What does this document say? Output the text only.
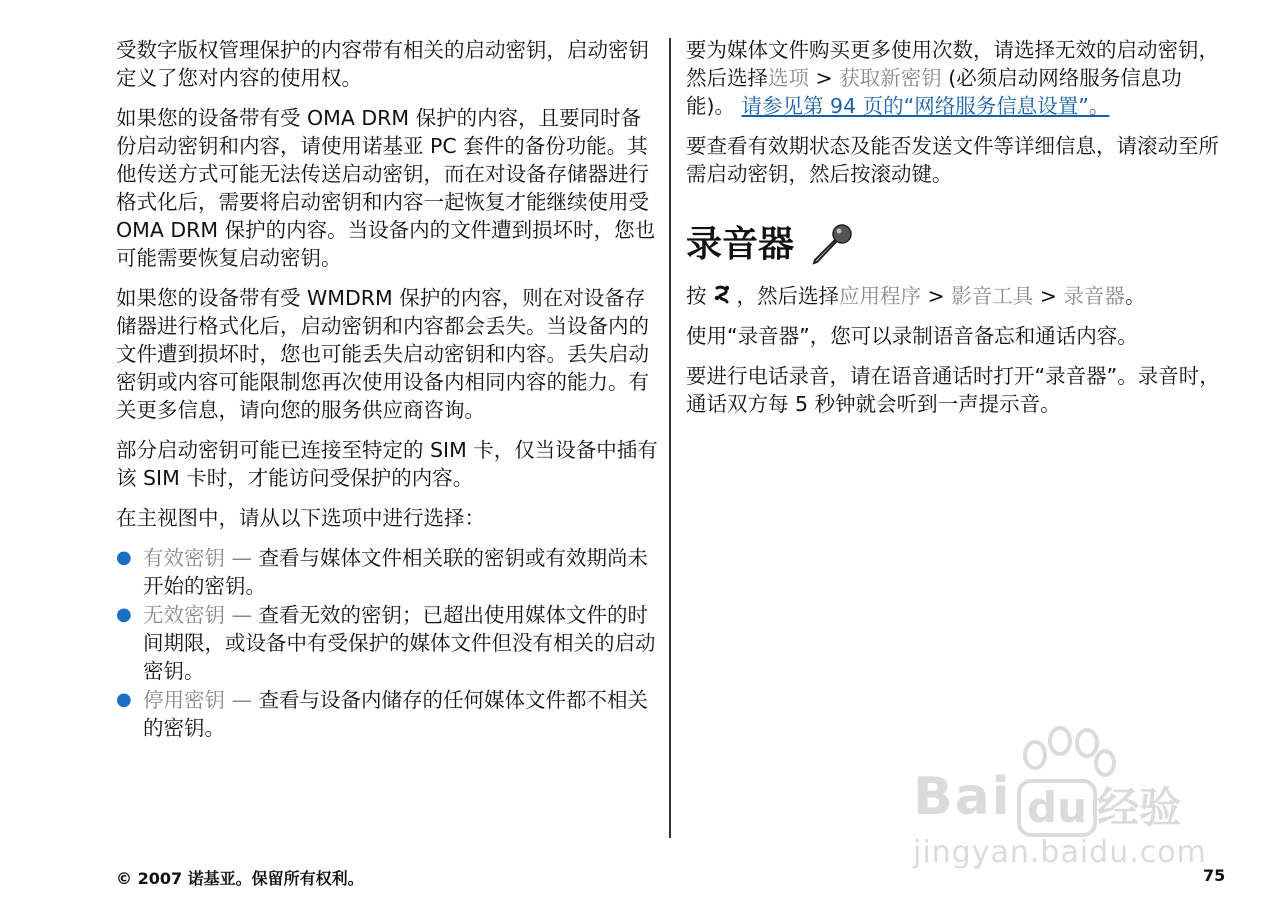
受数字版权管理保护的内容带有相关的启动密钥，启动密钥定义了您对内容的使用权。

如果您的设备带有受 OMA DRM 保护的内容，且要同时备份启动密钥和内容，请使用诺基亚 PC 套件的备份功能。其他传送方式可能无法传送启动密钥，而在对设备存储器进行格式化后，需要将启动密钥和内容一起恢复才能继续使用受 OMA DRM 保护的内容。当设备内的文件遭到损坏时，您也可能需要恢复启动密钥。

如果您的设备带有受 WMDRM 保护的内容，则在对设备存储器进行格式化后，启动密钥和内容都会丢失。当设备内的文件遭到损坏时，您也可能丢失启动密钥和内容。丢失启动密钥或内容可能限制您再次使用设备内相同内容的能力。有关更多信息，请向您的服务供应商咨询。

部分启动密钥可能已连接至特定的 SIM 卡，仅当设备中插有该 SIM 卡时，才能访问受保护的内容。

在主视图中，请从以下选项中进行选择：

● 有效密钥 — 查看与媒体文件相关联的密钥或有效期尚未开始的密钥。
● 无效密钥 — 查看无效的密钥；已超出使用媒体文件的时间期限，或设备中有受保护的媒体文件但没有相关的启动密钥。
● 停用密钥 — 查看与设备内储存的任何媒体文件都不相关的密钥。

要为媒体文件购买更多使用次数，请选择无效的启动密钥，然后选择选项 > 获取新密钥 (必须启动网络服务信息功能)。 请参见第 94 页的“网络服务信息设置”。

要查看有效期状态及能否发送文件等详细信息，请滚动至所需启动密钥，然后按滚动键。

录音器

按 ，然后选择应用程序 > 影音工具 > 录音器。

使用“录音器”，您可以录制语音备忘和通话内容。

要进行电话录音，请在语音通话时打开“录音器”。录音时，通话双方每 5 秒钟就会听到一声提示音。

© 2007 诺基亚。保留所有权利。	75
Bai du 经验
jingyan.baidu.com
